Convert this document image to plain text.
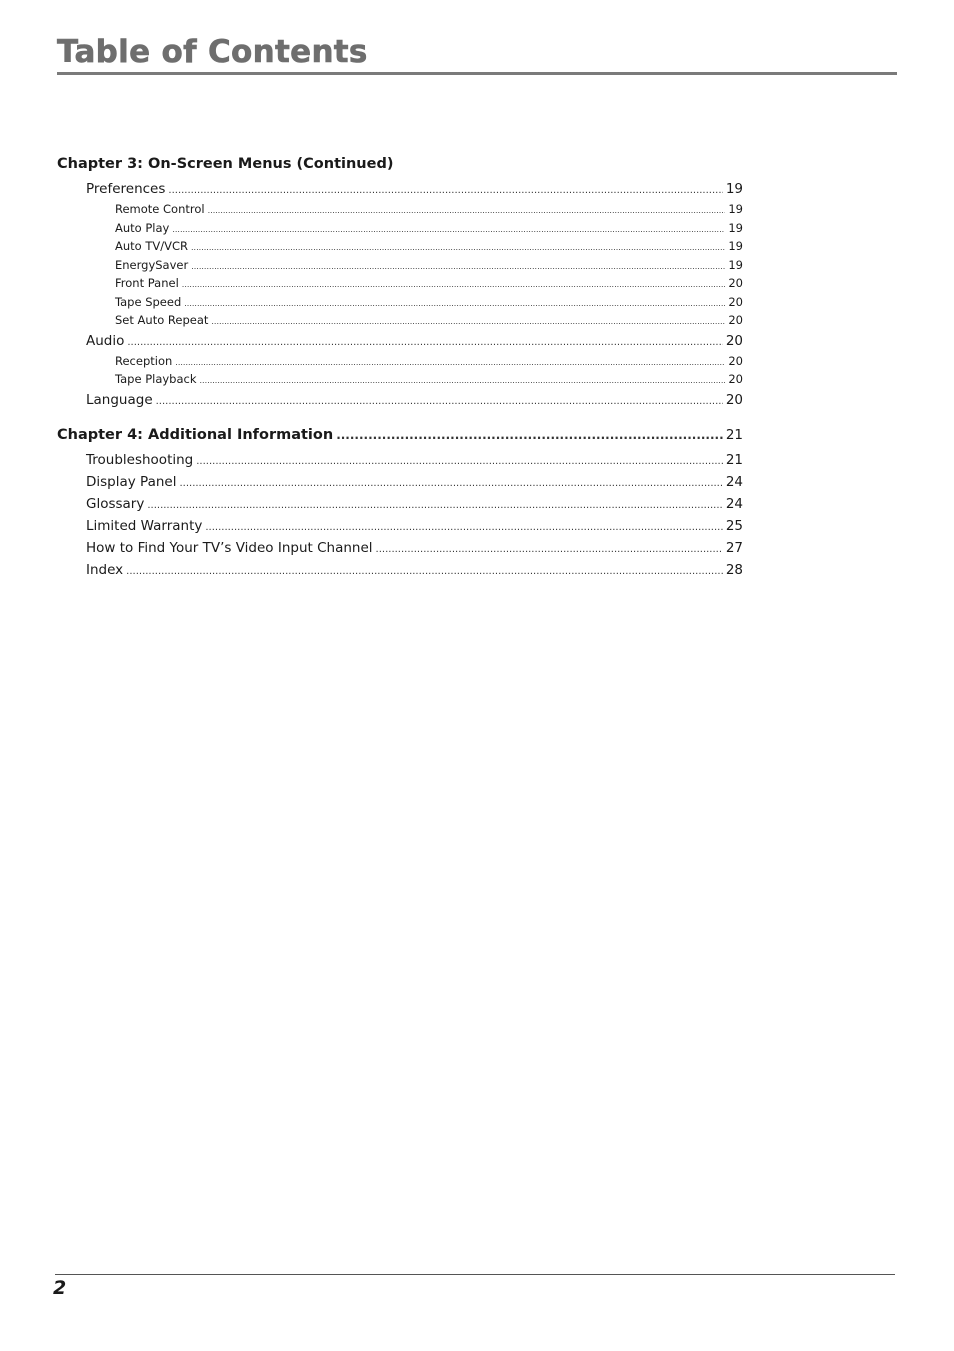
Table of Contents
Chapter 3: On-Screen Menus (Continued)
Preferences .....	19
Remote Control .....	19
Auto Play .....	19
Auto TV/VCR .....	19
EnergySaver .....	19
Front Panel .....	20
Tape Speed .....	20
Set Auto Repeat .....	20
Audio .....	20
Reception .....	20
Tape Playback .....	20
Language .....	20
Chapter 4: Additional Information .....	21
Troubleshooting .....	21
Display Panel .....	24
Glossary .....	24
Limited Warranty .....	25
How to Find Your TV’s Video Input Channel .....	27
Index .....	28
2
